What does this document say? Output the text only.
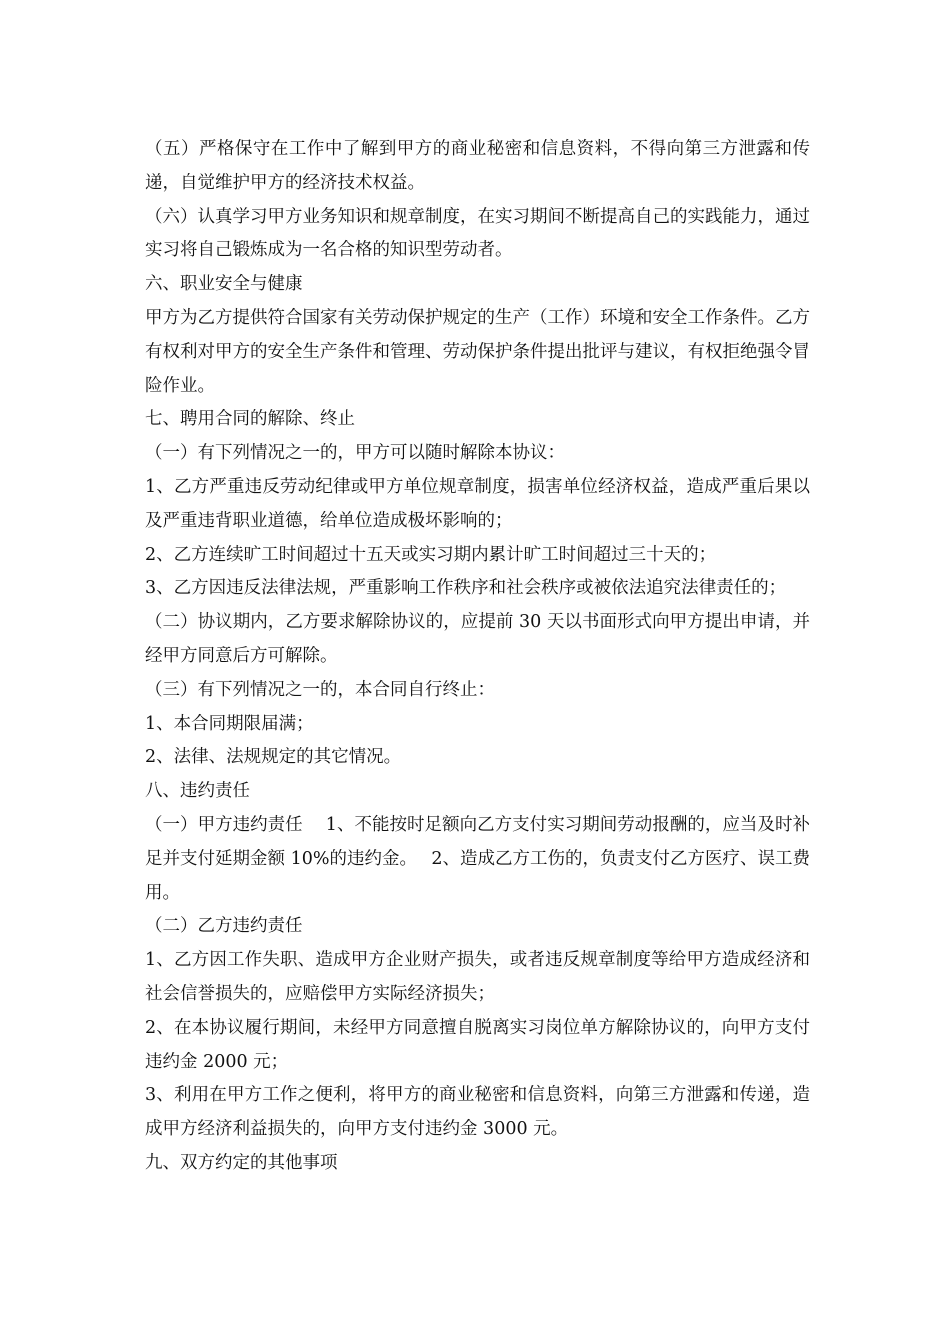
（五）严格保守在工作中了解到甲方的商业秘密和信息资料，不得向第三方泄露和传递，自觉维护甲方的经济技术权益。

（六）认真学习甲方业务知识和规章制度，在实习期间不断提高自己的实践能力，通过实习将自己锻炼成为一名合格的知识型劳动者。

六、职业安全与健康

甲方为乙方提供符合国家有关劳动保护规定的生产（工作）环境和安全工作条件。乙方有权利对甲方的安全生产条件和管理、劳动保护条件提出批评与建议，有权拒绝强令冒险作业。

七、聘用合同的解除、终止

（一）有下列情况之一的，甲方可以随时解除本协议：

1、乙方严重违反劳动纪律或甲方单位规章制度，损害单位经济权益，造成严重后果以及严重违背职业道德，给单位造成极坏影响的；

2、乙方连续旷工时间超过十五天或实习期内累计旷工时间超过三十天的；

3、乙方因违反法律法规，严重影响工作秩序和社会秩序或被依法追究法律责任的；

（二）协议期内，乙方要求解除协议的，应提前 30 天以书面形式向甲方提出申请，并经甲方同意后方可解除。

（三）有下列情况之一的，本合同自行终止：

1、本合同期限届满；

2、法律、法规规定的其它情况。

八、违约责任

（一）甲方违约责任　 1、不能按时足额向乙方支付实习期间劳动报酬的，应当及时补足并支付延期金额 10%的违约金。　 2、造成乙方工伤的，负责支付乙方医疗、误工费用。

（二）乙方违约责任

1、乙方因工作失职、造成甲方企业财产损失，或者违反规章制度等给甲方造成经济和社会信誉损失的，应赔偿甲方实际经济损失；

2、在本协议履行期间，未经甲方同意擅自脱离实习岗位单方解除协议的，向甲方支付违约金 2000 元；

3、利用在甲方工作之便利，将甲方的商业秘密和信息资料，向第三方泄露和传递，造成甲方经济利益损失的，向甲方支付违约金 3000 元。

九、双方约定的其他事项
